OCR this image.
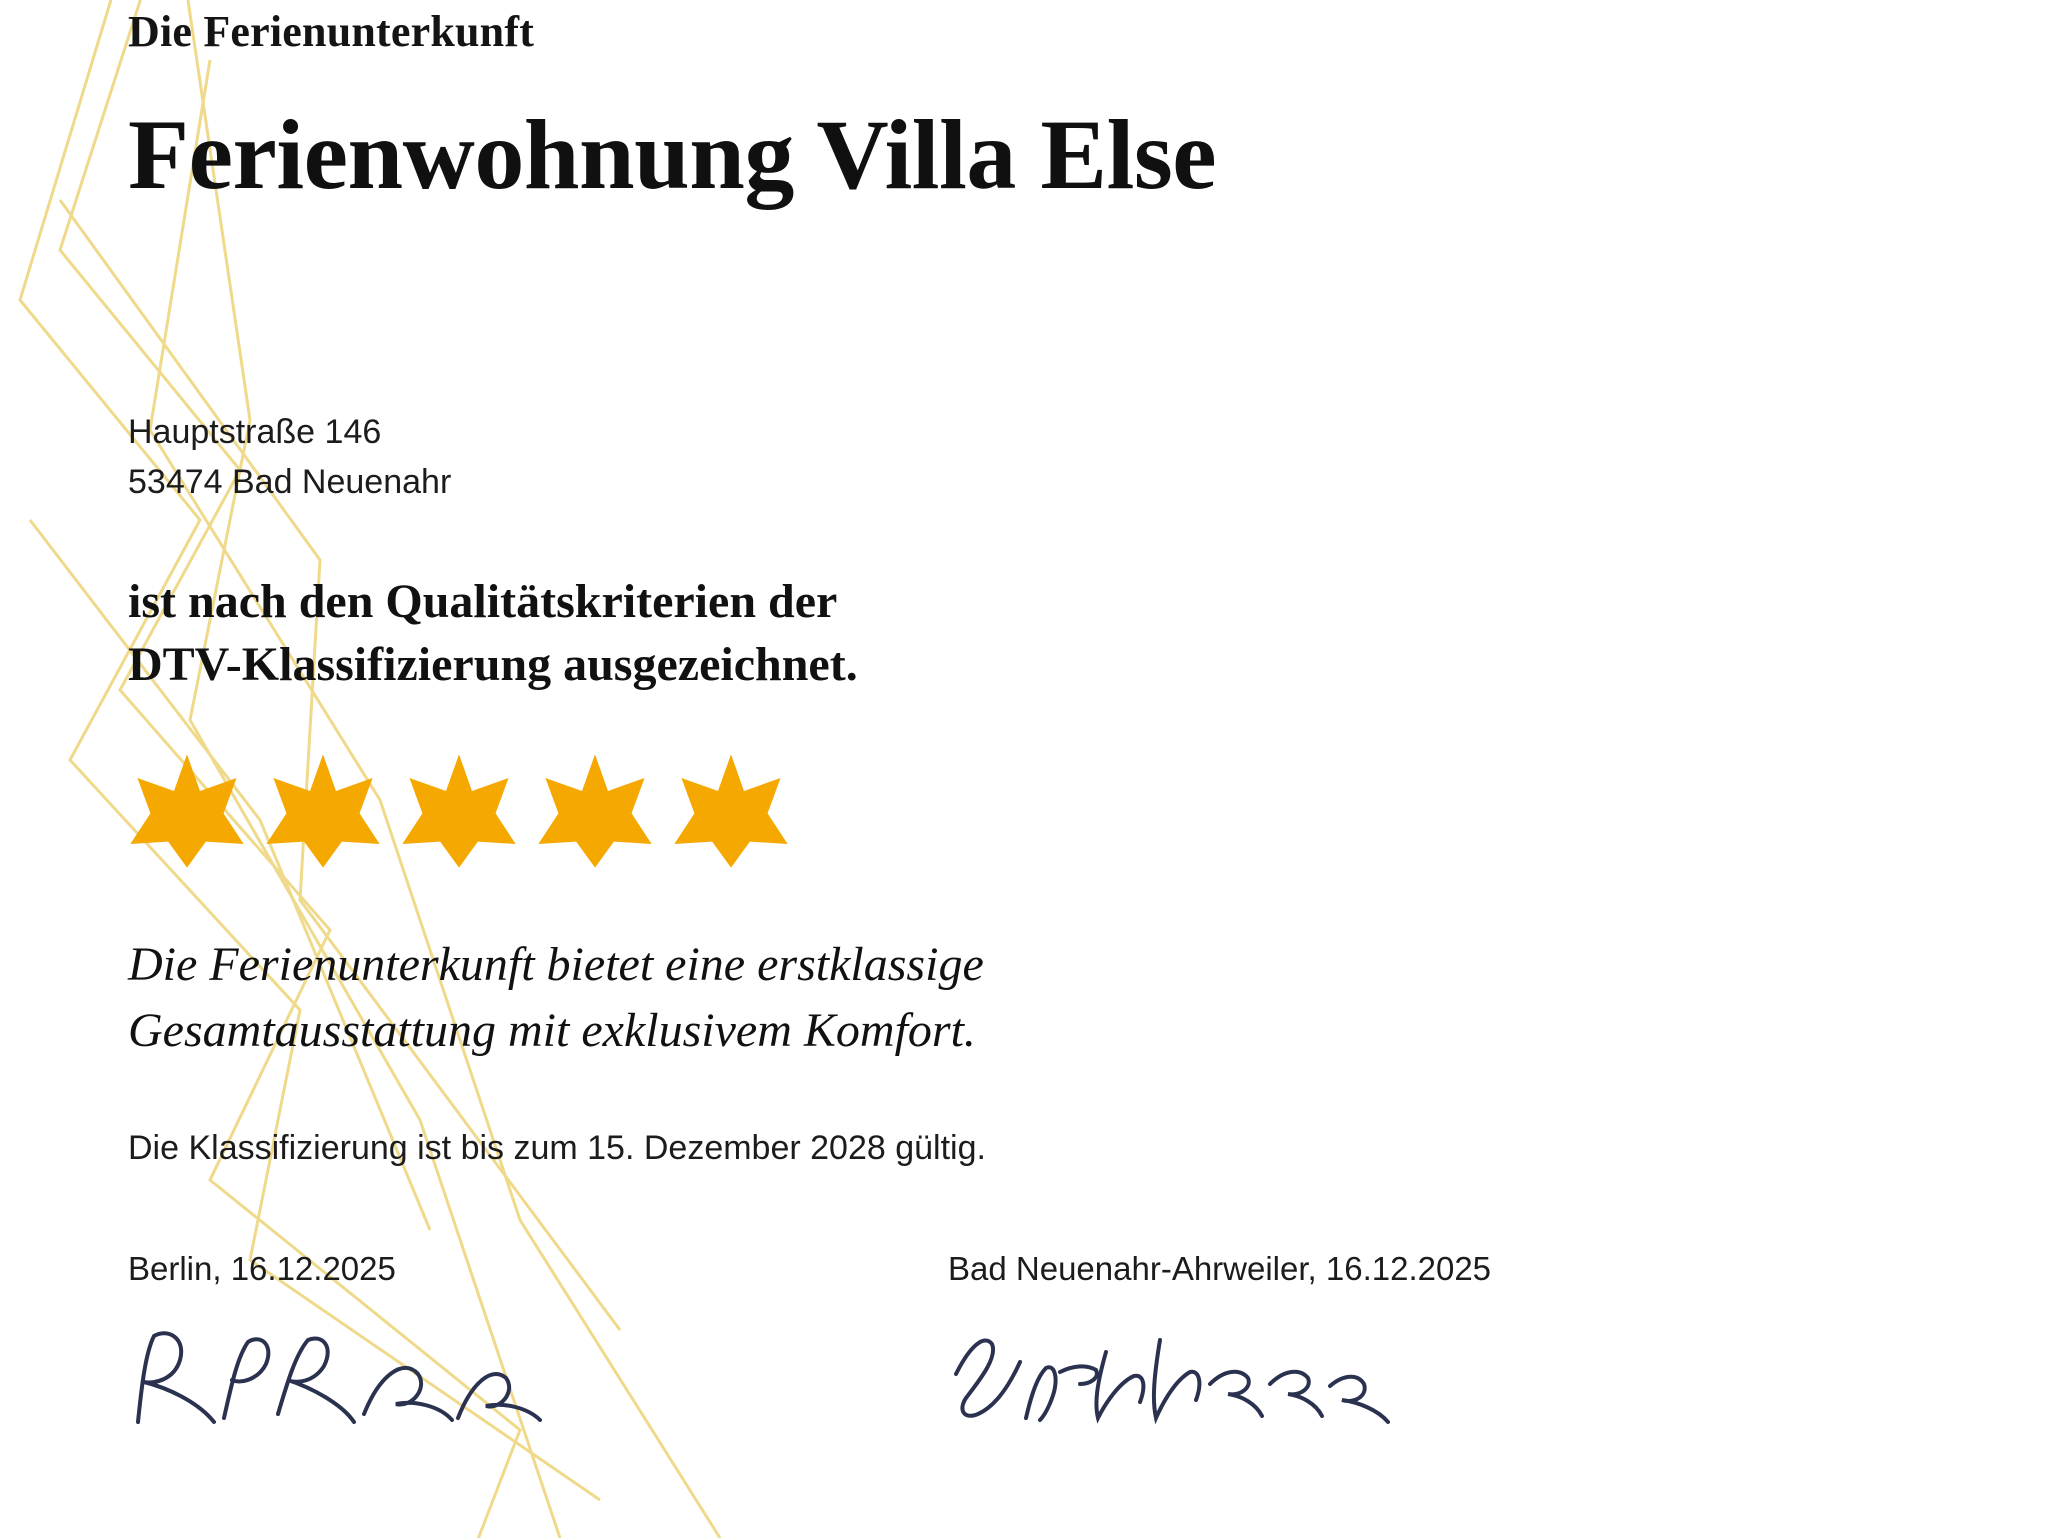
Die Ferienunterkunft
Ferienwohnung Villa Else
Hauptstraße 146
53474 Bad Neuenahr
ist nach den Qualitätskriterien der
DTV-Klassifizierung ausgezeichnet.
Die Ferienunterkunft bietet eine erstklassige
Gesamtausstattung mit exklusivem Komfort.
Die Klassifizierung ist bis zum 15. Dezember 2028 gültig.
Berlin, 16.12.2025	Bad Neuenahr-Ahrweiler, 16.12.2025
